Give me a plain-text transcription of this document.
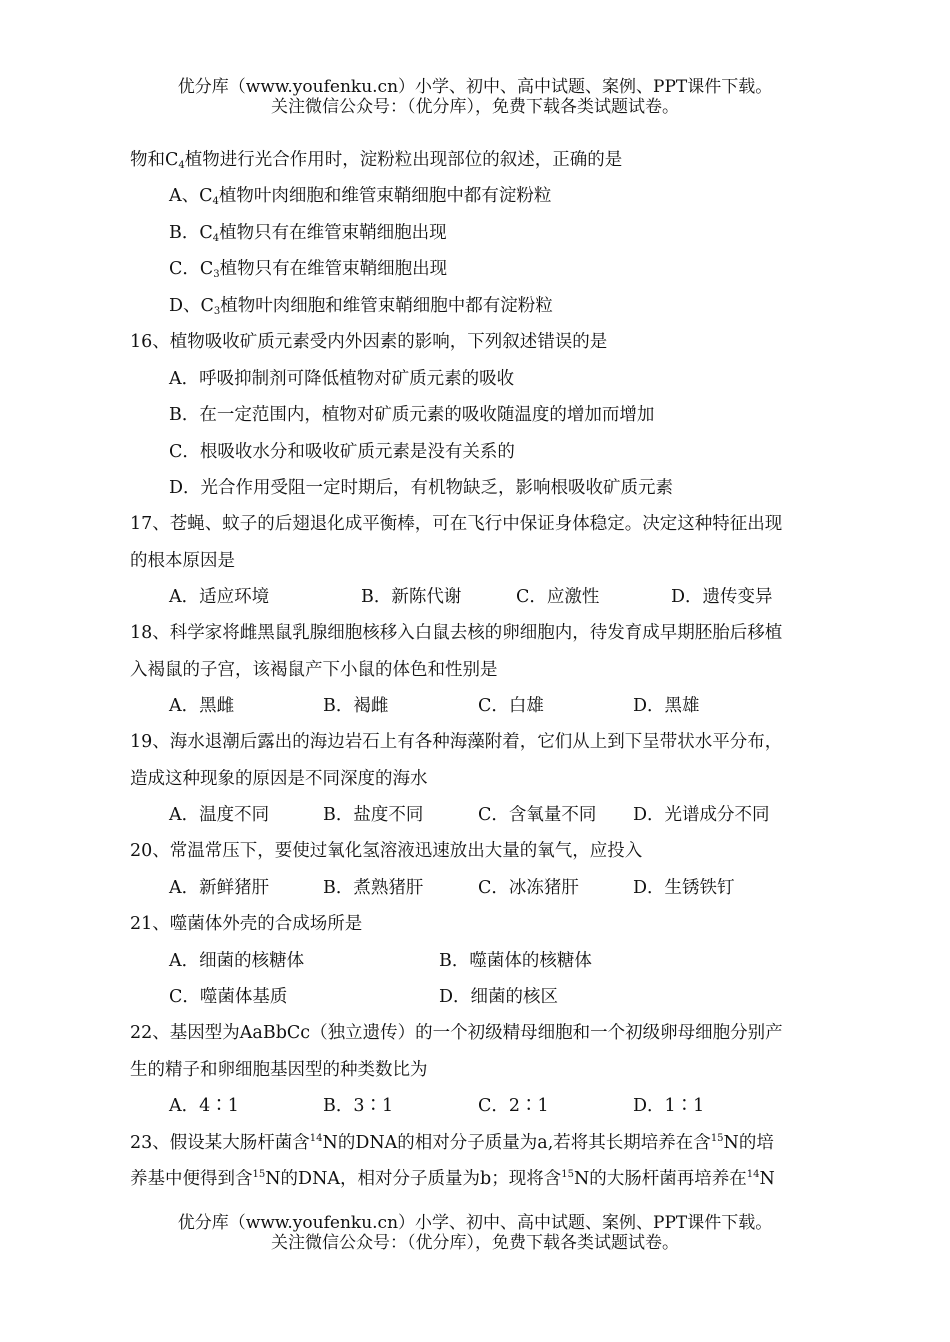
优分库（www.youfenku.cn）小学、初中、高中试题、案例、PPT课件下载。
关注微信公众号：（优分库），免费下载各类试题试卷。
物和$C_4$植物进行光合作用时，淀粉粒出现部位的叙述，正确的是
A、$C_4$植物叶肉细胞和维管束鞘细胞中都有淀粉粒
B．$C_4$植物只有在维管束鞘细胞出现
C．$C_3$植物只有在维管束鞘细胞出现
D、$C_3$植物叶肉细胞和维管束鞘细胞中都有淀粉粒
16、植物吸收矿质元素受内外因素的影响，下列叙述错误的是
A．呼吸抑制剂可降低植物对矿质元素的吸收
B．在一定范围内，植物对矿质元素的吸收随温度的增加而增加
C．根吸收水分和吸收矿质元素是没有关系的
D．光合作用受阻一定时期后，有机物缺乏，影响根吸收矿质元素
17、苍蝇、蚊子的后翅退化成平衡棒，可在飞行中保证身体稳定。决定这种特征出现
的根本原因是
A．适应环境	B．新陈代谢	C．应激性	D．遗传变异
18、科学家将雌黑鼠乳腺细胞核移入白鼠去核的卵细胞内，待发育成早期胚胎后移植
入褐鼠的子宫，该褐鼠产下小鼠的体色和性别是
A．黑雌	B．褐雌	C．白雄	D．黑雄
19、海水退潮后露出的海边岩石上有各种海藻附着，它们从上到下呈带状水平分布，
造成这种现象的原因是不同深度的海水
A．温度不同	B．盐度不同	C．含氧量不同 D．光谱成分不同
20、常温常压下，要使过氧化氢溶液迅速放出大量的氧气，应投入
A．新鲜猪肝	B．煮熟猪肝	C．冰冻猪肝	D．生锈铁钉
21、噬菌体外壳的合成场所是
A．细菌的核糖体	B．噬菌体的核糖体
C．噬菌体基质	D．细菌的核区
22、基因型为AaBbCc（独立遗传）的一个初级精母细胞和一个初级卵母细胞分别产
生的精子和卵细胞基因型的种类数比为
A．4∶1	B．3∶1	C．2∶1	D．1∶1
23、假设某大肠杆菌含$^{14}$N的DNA的相对分子质量为a,若将其长期培养在含$^{15}$N的培
养基中便得到含$^{15}$N的DNA，相对分子质量为b；现将含$^{15}$N的大肠杆菌再培养在$^{14}$N
优分库（www.youfenku.cn）小学、初中、高中试题、案例、PPT课件下载。
关注微信公众号：（优分库），免费下载各类试题试卷。
